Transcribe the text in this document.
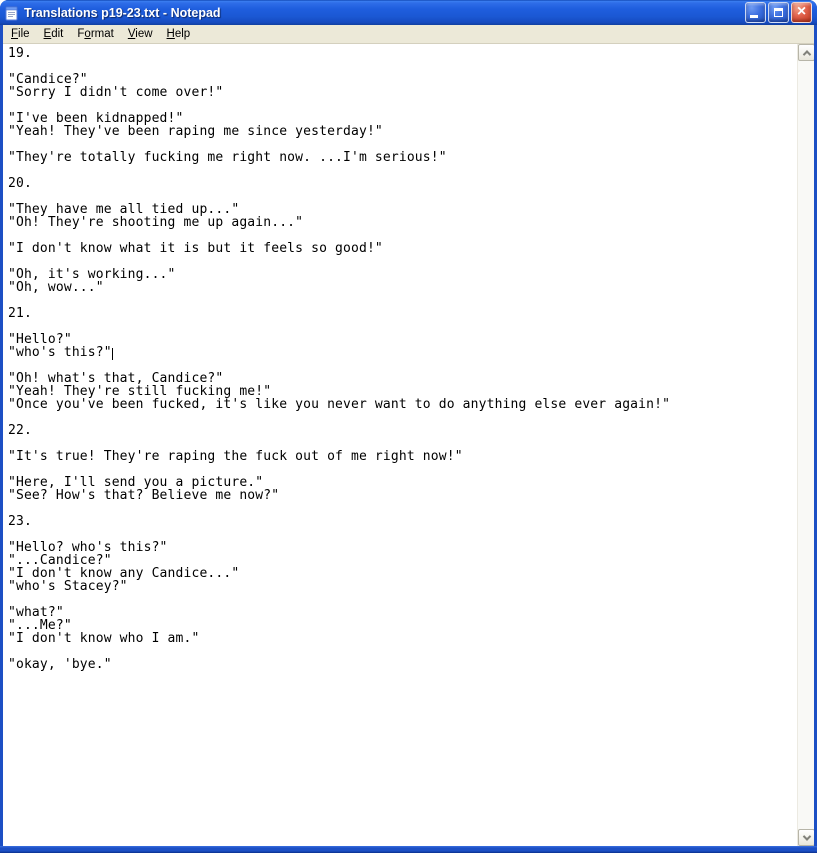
Translations p19-23.txt - Notepad	×
File	Edit	Format	View	Help
19.
"Candice?"
"Sorry I didn't come over!"
"I've been kidnapped!"
"Yeah! They've been raping me since yesterday!"
"They're totally fucking me right now. ...I'm serious!"
20.
"They have me all tied up..."
"Oh! They're shooting me up again..."
"I don't know what it is but it feels so good!"
"Oh, it's working..."
"Oh, wow..."
21.
"Hello?"
"who's this?"
"Oh! what's that, Candice?"
"Yeah! They're still fucking me!"
"Once you've been fucked, it's like you never want to do anything else ever again!"
22.
"It's true! They're raping the fuck out of me right now!"
"Here, I'll send you a picture."
"See? How's that? Believe me now?"
23.
"Hello? who's this?"
"...Candice?"
"I don't know any Candice..."
"who's Stacey?"
"what?"
"...Me?"
"I don't know who I am."
"okay, 'bye."
